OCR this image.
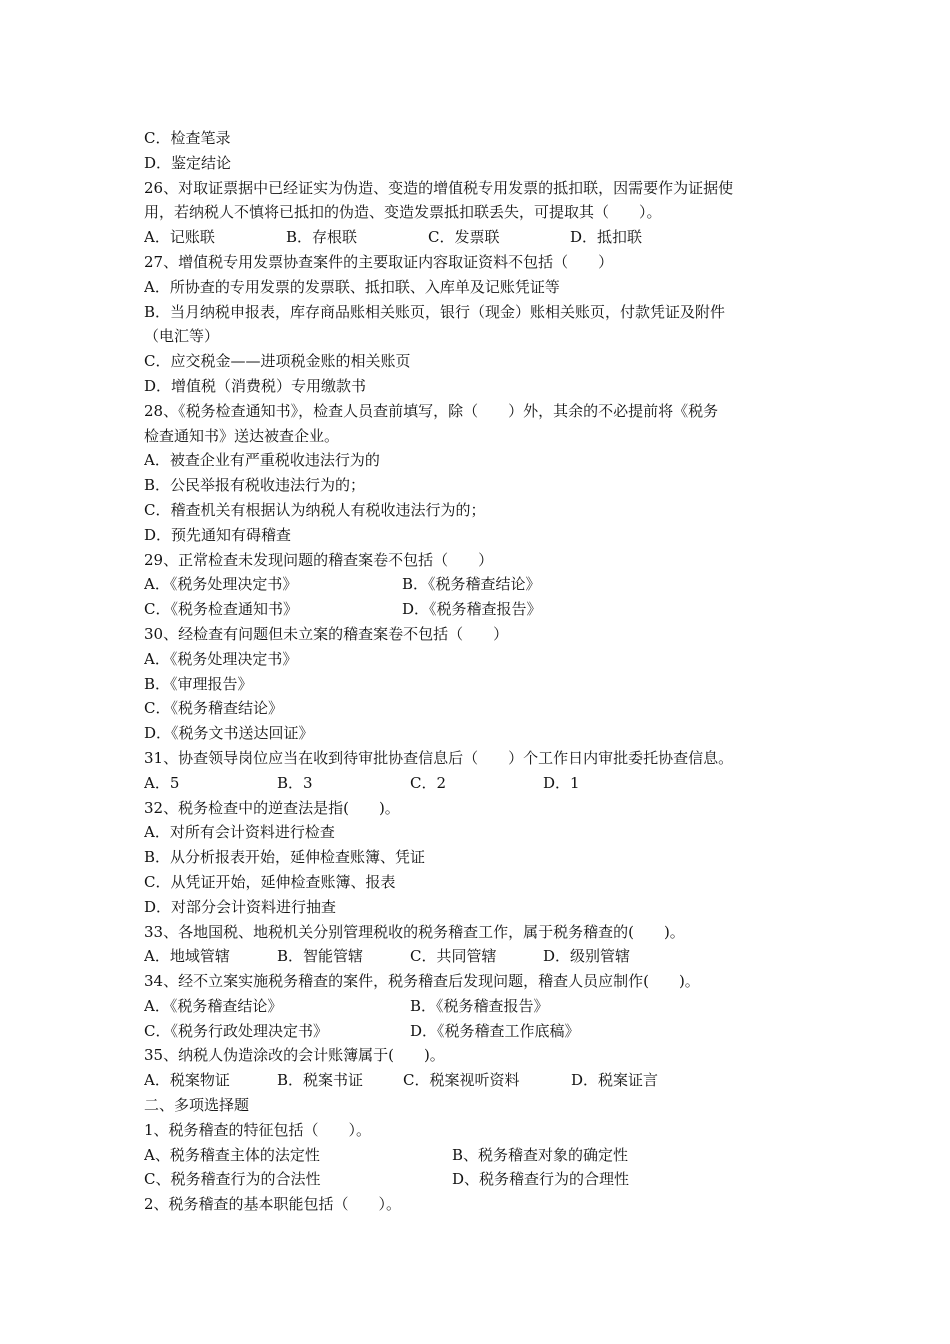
C．检查笔录
D．鉴定结论
26、对取证票据中已经证实为伪造、变造的增值税专用发票的抵扣联，因需要作为证据使
用，若纳税人不慎将已抵扣的伪造、变造发票抵扣联丢失，可提取其（　　）。
A．记账联	B．存根联	C．发票联	D．抵扣联
27、增值税专用发票协查案件的主要取证内容取证资料不包括（　　）
A．所协查的专用发票的发票联、抵扣联、入库单及记账凭证等
B．当月纳税申报表，库存商品账相关账页，银行（现金）账相关账页，付款凭证及附件
（电汇等）
C．应交税金——进项税金账的相关账页
D．增值税（消费税）专用缴款书
28、《税务检查通知书》，检查人员查前填写，除（　　）外，其余的不必提前将《税务
检查通知书》送达被查企业。
A．被查企业有严重税收违法行为的
B．公民举报有税收违法行为的；
C．稽查机关有根据认为纳税人有税收违法行为的；
D．预先通知有碍稽查
29、正常检查未发现问题的稽查案卷不包括（　　）
A．《税务处理决定书》	B．《税务稽查结论》
C．《税务检查通知书》	D．《税务稽查报告》
30、经检查有问题但未立案的稽查案卷不包括（　　）
A．《税务处理决定书》
B．《审理报告》
C．《税务稽查结论》
D．《税务文书送达回证》
31、协查领导岗位应当在收到待审批协查信息后（　　）个工作日内审批委托协查信息。
A．5	B．3	C．2	D．1
32、税务检查中的逆查法是指(　　)。
A．对所有会计资料进行检查
B．从分析报表开始，延伸检查账簿、凭证
C．从凭证开始，延伸检查账簿、报表
D．对部分会计资料进行抽查
33、各地国税、地税机关分别管理税收的税务稽查工作，属于税务稽查的(　　)。
A．地域管辖	B．智能管辖	C．共同管辖	D．级别管辖
34、经不立案实施税务稽查的案件，税务稽查后发现问题，稽查人员应制作(　　)。
A．《税务稽查结论》	B．《税务稽查报告》
C．《税务行政处理决定书》	D．《税务稽查工作底稿》
35、纳税人伪造涂改的会计账簿属于(　　)。
A．税案物证	B．税案书证	C．税案视听资料	D．税案证言
二、多项选择题
1、税务稽查的特征包括（　　）。
A、税务稽查主体的法定性	B、税务稽查对象的确定性
C、税务稽查行为的合法性	D、税务稽查行为的合理性
2、税务稽查的基本职能包括（　　）。
